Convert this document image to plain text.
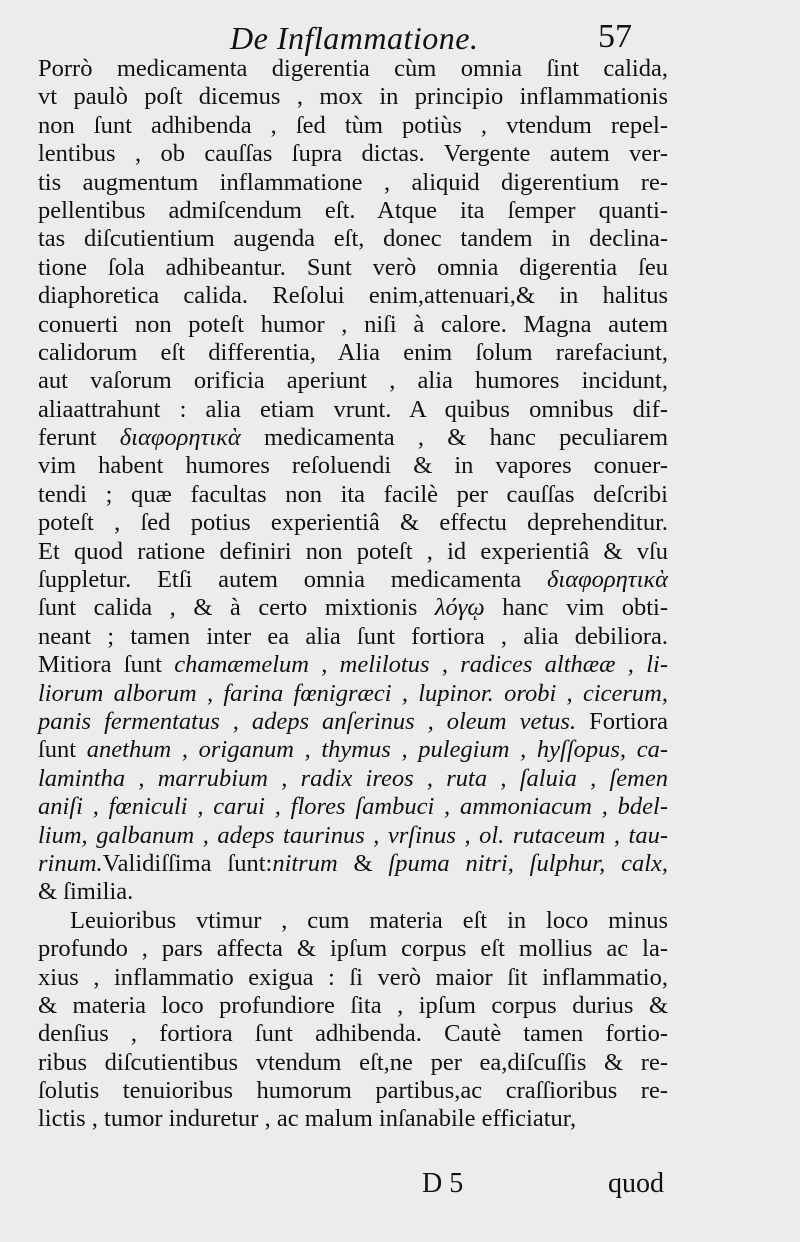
De Inflammatione.	57
Porrò medicamenta digerentia cùm omnia ſint calida,
vt paulò poſt dicemus , mox in principio inflammationis
non ſunt adhibenda , ſed tùm potiùs , vtendum repel-
lentibus , ob cauſſas ſupra dictas. Vergente autem ver-
tis augmentum inflammatione , aliquid digerentium re-
pellentibus admiſcendum eſt. Atque ita ſemper quanti-
tas diſcutientium augenda eſt, donec tandem in declina-
tione ſola adhibeantur. Sunt verò omnia digerentia ſeu
diaphoretica calida. Reſolui enim,attenuari,& in halitus
conuerti non poteſt humor , niſi à calore. Magna autem
calidorum eſt differentia, Alia enim ſolum rarefaciunt,
aut vaſorum orificia aperiunt , alia humores incidunt,
aliaattrahunt : alia etiam vrunt. A quibus omnibus dif-
ferunt διαφορητικὰ medicamenta , & hanc peculiarem
vim habent humores reſoluendi & in vapores conuer-
tendi ; quæ facultas non ita facilè per cauſſas deſcribi
poteſt , ſed potius experientiâ & effectu deprehenditur.
Et quod ratione definiri non poteſt , id experientiâ & vſu
ſuppletur. Etſi autem omnia medicamenta διαφορητικὰ
ſunt calida , & à certo mixtionis λόγῳ hanc vim obti-
neant ; tamen inter ea alia ſunt fortiora , alia debiliora.
Mitiora ſunt chamæmelum , melilotus , radices althææ , li-
liorum alborum , farina fœnigræci , lupinor. orobi , cicerum,
panis fermentatus , adeps anſerinus , oleum vetus. Fortiora
ſunt anethum , origanum , thymus , pulegium , hyſſopus, ca-
lamintha , marrubium , radix ireos , ruta , ſaluia , ſemen
aniſi , fœniculi , carui , flores ſambuci , ammoniacum , bdel-
lium, galbanum , adeps taurinus , vrſinus , ol. rutaceum , tau-
rinum.Validiſſima ſunt:nitrum & ſpuma nitri, ſulphur, calx,
& ſimilia.
Leuioribus vtimur , cum materia eſt in loco minus
profundo , pars affecta & ipſum corpus eſt mollius ac la-
xius , inflammatio exigua : ſi verò maior ſit inflammatio,
& materia loco profundiore ſita , ipſum corpus durius &
denſius , fortiora ſunt adhibenda. Cautè tamen fortio-
ribus diſcutientibus vtendum eſt,ne per ea,diſcuſſis & re-
ſolutis tenuioribus humorum partibus,ac craſſioribus re-
lictis , tumor induretur , ac malum inſanabile efficiatur,
D 5	quod
